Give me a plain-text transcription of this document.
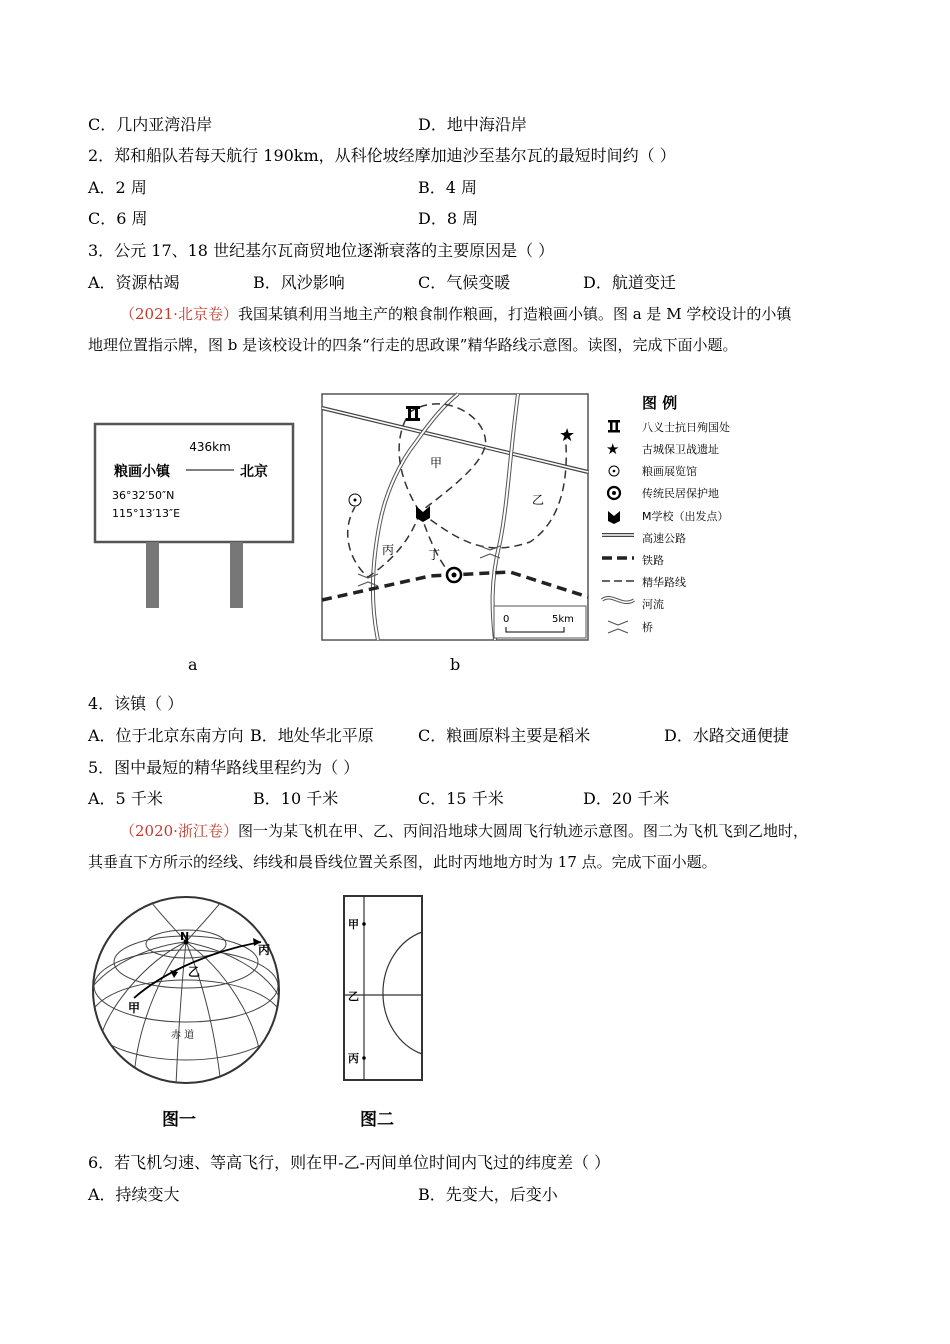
C．几内亚湾沿岸	D．地中海沿岸
2．郑和船队若每天航行 190km，从科伦坡经摩加迪沙至基尔瓦的最短时间约（ ）
A．2 周	B．4 周
C．6 周	D．8 周
3．公元 17、18 世纪基尔瓦商贸地位逐渐衰落的主要原因是（ ）
A．资源枯竭	B．风沙影响	C．气候变暖	D．航道变迁
（2021·北京卷）我国某镇利用当地主产的粮食制作粮画，打造粮画小镇。图 a 是 M 学校设计的小镇
地理位置指示牌，图 b 是该校设计的四条“行走的思政课”精华路线示意图。读图，完成下面小题。
436km
粮画小镇	北京
36°32′50″N
115°13′13″E
a
★
甲
乙
丙	丁
0	5km
b
图 例
八义士抗日殉国处
★ 古城保卫战遗址
粮画展览馆
传统民居保护地
M学校（出发点）
高速公路
铁路
精华路线
河流
桥
4．该镇（ ）
A．位于北京东南方向 B．地处华北平原	C．粮画原料主要是稻米	D．水路交通便捷
5．图中最短的精华路线里程约为（ ）
A．5 千米	B．10 千米	C．15 千米	D．20 千米
（2020·浙江卷）图一为某飞机在甲、乙、丙间沿地球大圆周飞行轨迹示意图。图二为飞机飞到乙地时，
其垂直下方所示的经线、纬线和晨昏线位置关系图，此时丙地地方时为 17 点。完成下面小题。
N
甲
乙
丙
赤 道
图一
甲
乙
丙
图二
6．若飞机匀速、等高飞行，则在甲-乙-丙间单位时间内飞过的纬度差（ ）
A．持续变大	B．先变大，后变小
